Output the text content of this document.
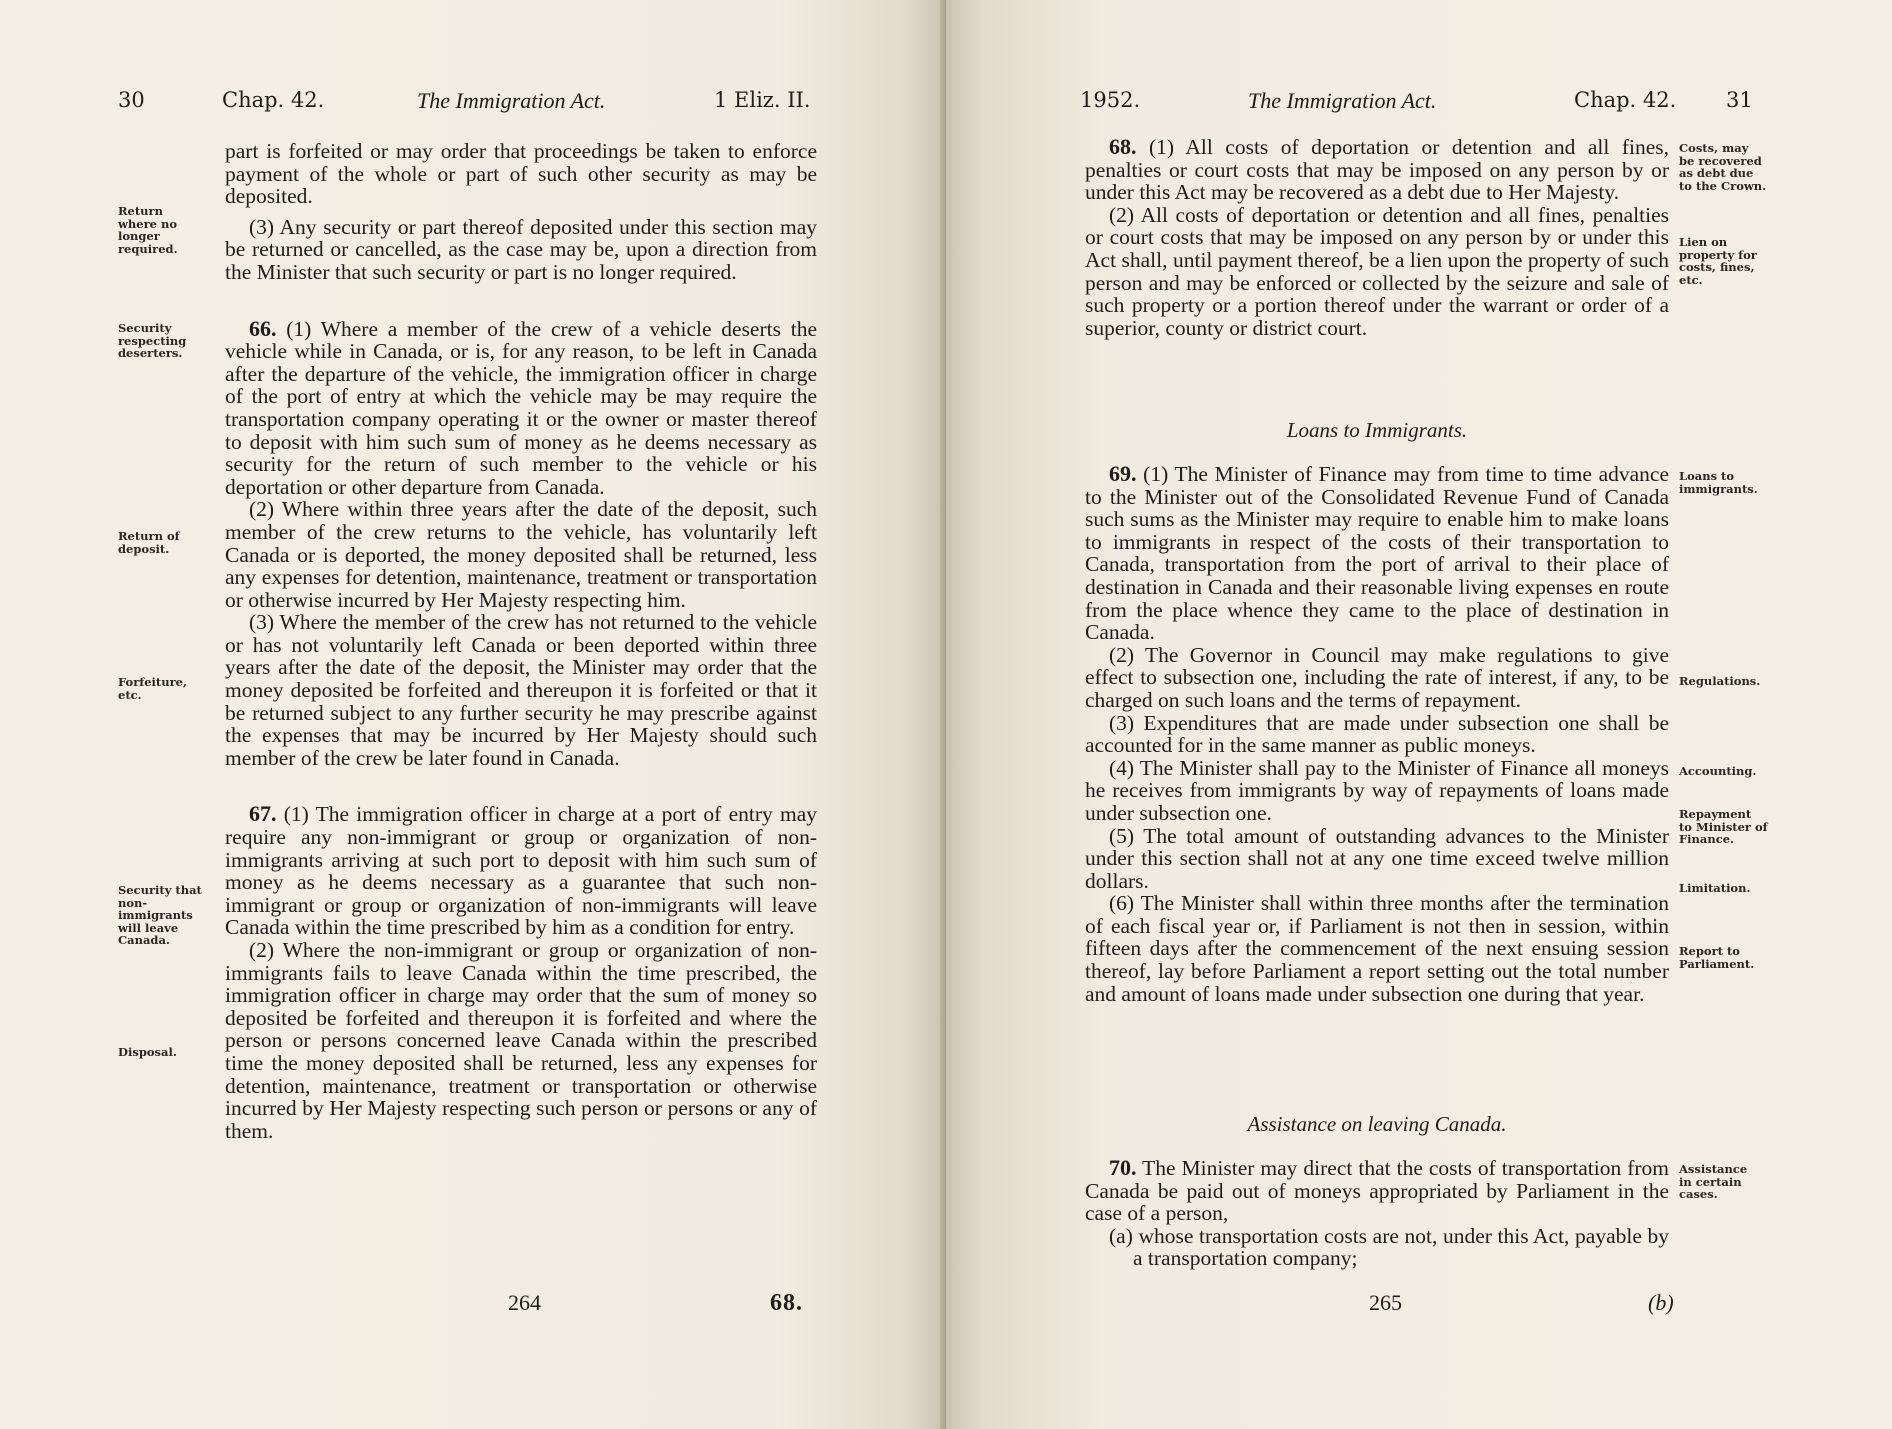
30	Chap. 42.	The Immigration Act.	1 Eliz. II.
Return
where no
longer
required.
Security
respecting
deserters.
Return of
deposit.
Forfeiture,
etc.
Security that
non-
immigrants
will leave
Canada.
Disposal.

part is forfeited or may order that proceedings be taken to enforce payment of the whole or part of such other security as may be deposited.

(3) Any security or part thereof deposited under this section may be returned or cancelled, as the case may be, upon a direction from the Minister that such security or part is no longer required.

66. (1) Where a member of the crew of a vehicle deserts the vehicle while in Canada, or is, for any reason, to be left in Canada after the departure of the vehicle, the immigration officer in charge of the port of entry at which the vehicle may be may require the transportation company operating it or the owner or master thereof to deposit with him such sum of money as he deems necessary as security for the return of such member to the vehicle or his deportation or other departure from Canada.

(2) Where within three years after the date of the deposit, such member of the crew returns to the vehicle, has voluntarily left Canada or is deported, the money deposited shall be returned, less any expenses for detention, maintenance, treatment or transportation or otherwise incurred by Her Majesty respecting him.

(3) Where the member of the crew has not returned to the vehicle or has not voluntarily left Canada or been deported within three years after the date of the deposit, the Minister may order that the money deposited be forfeited and thereupon it is forfeited or that it be returned subject to any further security he may prescribe against the expenses that may be incurred by Her Majesty should such member of the crew be later found in Canada.

67. (1) The immigration officer in charge at a port of entry may require any non-immigrant or group or organization of non-immigrants arriving at such port to deposit with him such sum of money as he deems necessary as a guarantee that such non-immigrant or group or organization of non-immigrants will leave Canada within the time prescribed by him as a condition for entry.

(2) Where the non-immigrant or group or organization of non-immigrants fails to leave Canada within the time prescribed, the immigration officer in charge may order that the sum of money so deposited be forfeited and thereupon it is forfeited and where the person or persons concerned leave Canada within the prescribed time the money deposited shall be returned, less any expenses for detention, maintenance, treatment or transportation or otherwise incurred by Her Majesty respecting such person or persons or any of them.

264	68.
1952.	The Immigration Act.	Chap. 42. 31
Costs, may
be recovered
as debt due
to the Crown.
Lien on
property for
costs, fines,
etc.
Loans to
immigrants.
Regulations.
Accounting.
Repayment
to Minister of
Finance.
Limitation.
Report to
Parliament.
Assistance
in certain
cases.

68. (1) All costs of deportation or detention and all fines, penalties or court costs that may be imposed on any person by or under this Act may be recovered as a debt due to Her Majesty.

(2) All costs of deportation or detention and all fines, penalties or court costs that may be imposed on any person by or under this Act shall, until payment thereof, be a lien upon the property of such person and may be enforced or collected by the seizure and sale of such property or a portion thereof under the warrant or order of a superior, county or district court.

Loans to Immigrants.

69. (1) The Minister of Finance may from time to time advance to the Minister out of the Consolidated Revenue Fund of Canada such sums as the Minister may require to enable him to make loans to immigrants in respect of the costs of their transportation to Canada, transportation from the port of arrival to their place of destination in Canada and their reasonable living expenses en route from the place whence they came to the place of destination in Canada.

(2) The Governor in Council may make regulations to give effect to subsection one, including the rate of interest, if any, to be charged on such loans and the terms of repayment.

(3) Expenditures that are made under subsection one shall be accounted for in the same manner as public moneys.

(4) The Minister shall pay to the Minister of Finance all moneys he receives from immigrants by way of repayments of loans made under subsection one.

(5) The total amount of outstanding advances to the Minister under this section shall not at any one time exceed twelve million dollars.

(6) The Minister shall within three months after the termination of each fiscal year or, if Parliament is not then in session, within fifteen days after the commencement of the next ensuing session thereof, lay before Parliament a report setting out the total number and amount of loans made under subsection one during that year.

Assistance on leaving Canada.

70. The Minister may direct that the costs of transportation from Canada be paid out of moneys appropriated by Parliament in the case of a person,

(a) whose transportation costs are not, under this Act, payable by a transportation company;

265	(b)
